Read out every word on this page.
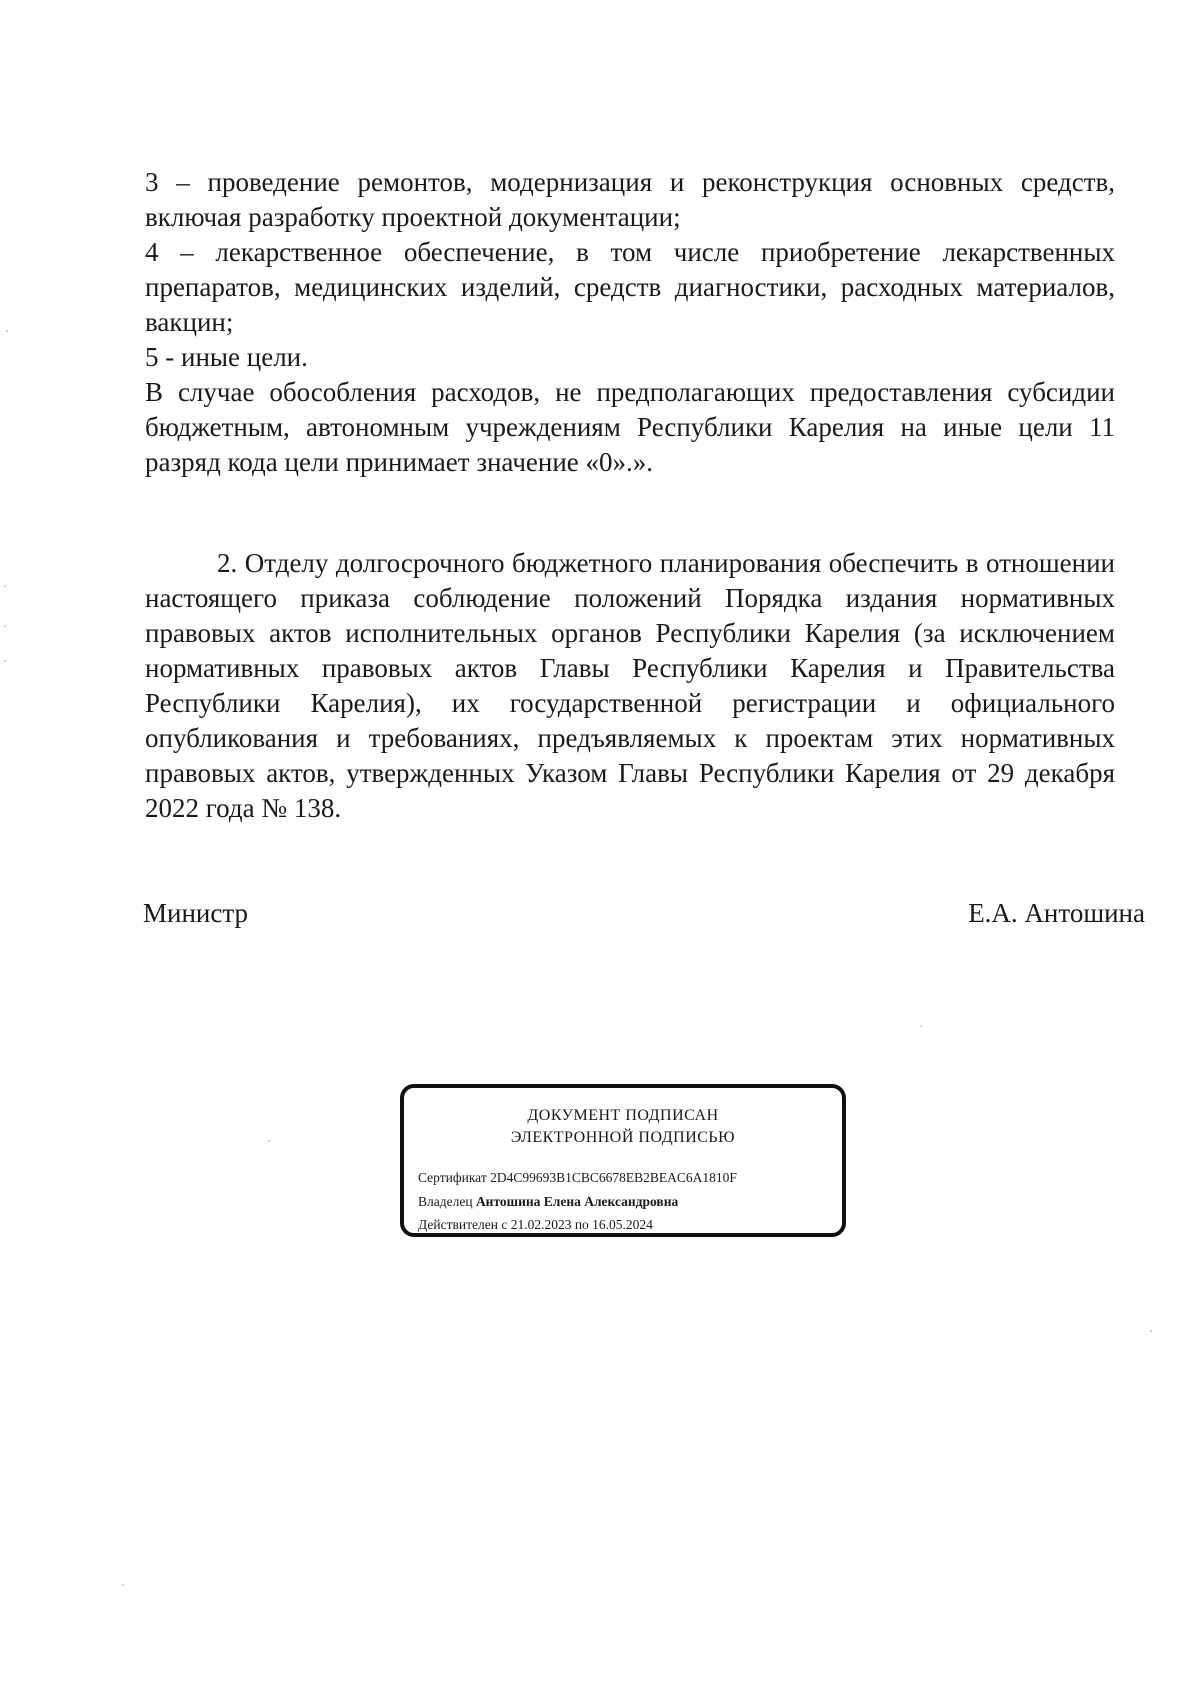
3 – проведение ремонтов, модернизация и реконструкция основных средств, включая разработку проектной документации;

4 – лекарственное обеспечение, в том числе приобретение лекарственных препаратов, медицинских изделий, средств диагностики, расходных материалов, вакцин;

5 - иные цели.

В случае обособления расходов, не предполагающих предоставления субсидии бюджетным, автономным учреждениям Республики Карелия на иные цели 11 разряд кода цели принимает значение «0».».

2. Отделу долгосрочного бюджетного планирования обеспечить в отношении настоящего приказа соблюдение положений Порядка издания нормативных правовых актов исполнительных органов Республики Карелия (за исключением нормативных правовых актов Главы Республики Карелия и Правительства Республики Карелия), их государственной регистрации и официального опубликования и требованиях, предъявляемых к проектам этих нормативных правовых актов, утвержденных Указом Главы Республики Карелия от 29 декабря 2022 года № 138.
Министр	Е.А. Антошина
ДОКУМЕНТ ПОДПИСАН
ЭЛЕКТРОННОЙ ПОДПИСЬЮ
Сертификат 2D4C99693B1CBC6678EB2BEAC6A1810F
Владелец Антошина Елена Александровна
Действителен с 21.02.2023 по 16.05.2024
